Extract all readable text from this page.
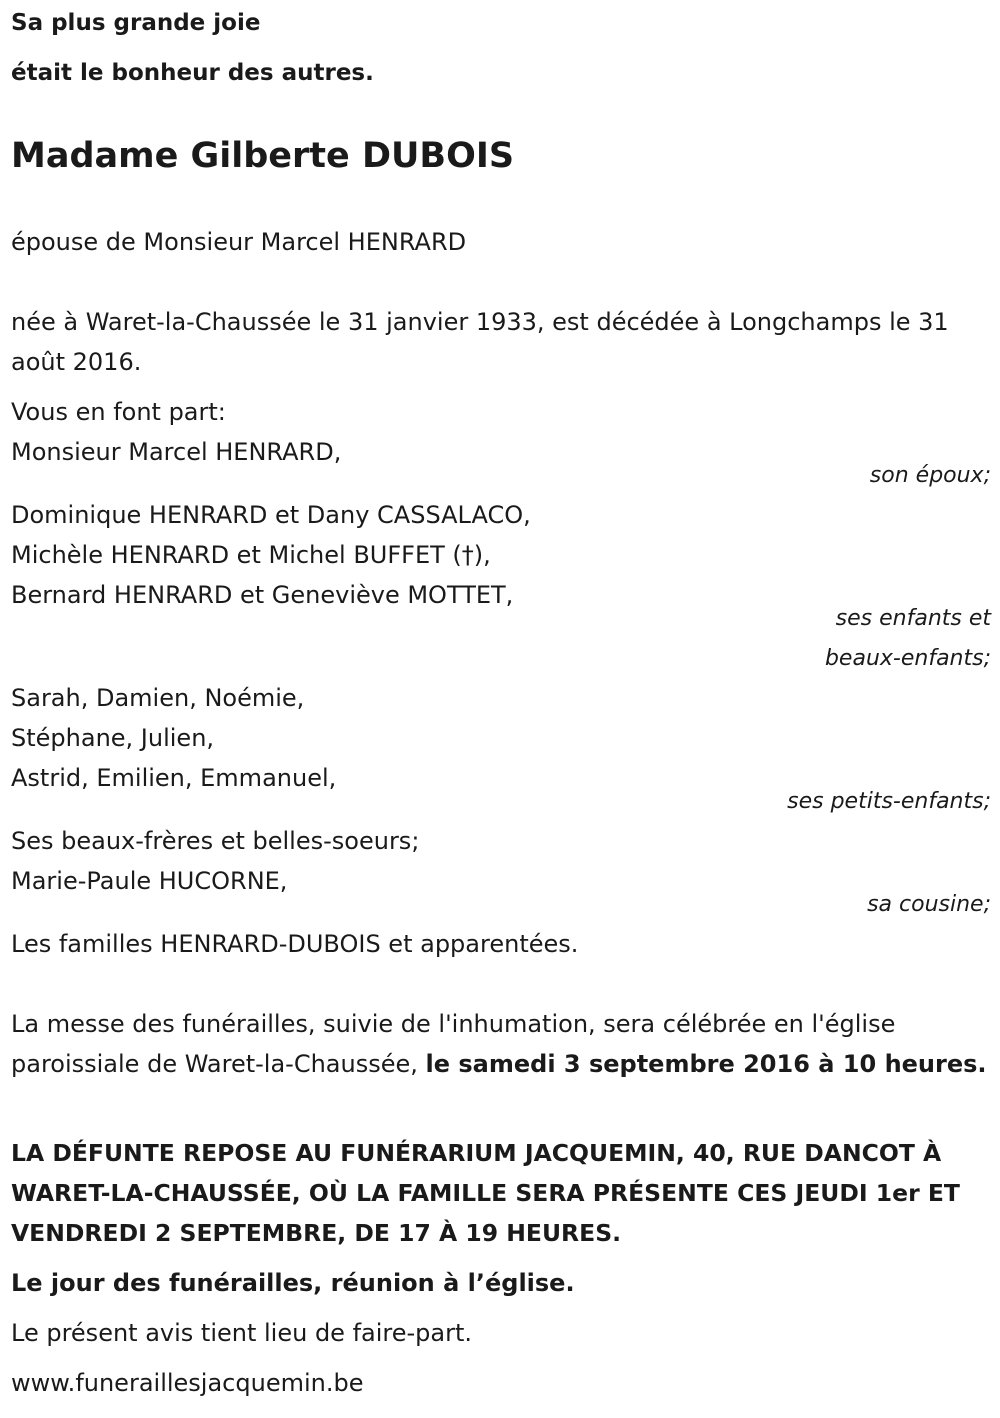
Sa plus grande joie

était le bonheur des autres.

Madame Gilberte DUBOIS

épouse de Monsieur Marcel HENRARD

née à Waret-la-Chaussée le 31 janvier 1933, est décédée à Longchamps le 31 août 2016.

Vous en font part:

Monsieur Marcel HENRARD,

son époux;

Dominique HENRARD et Dany CASSALACO,

Michèle HENRARD et Michel BUFFET (†),

Bernard HENRARD et Geneviève MOTTET,

ses enfants et

beaux-enfants;

Sarah, Damien, Noémie,

Stéphane, Julien,

Astrid, Emilien, Emmanuel,

ses petits-enfants;

Ses beaux-frères et belles-soeurs;

Marie-Paule HUCORNE,

sa cousine;

Les familles HENRARD-DUBOIS et apparentées.

La messe des funérailles, suivie de l'inhumation, sera célébrée en l'église paroissiale de Waret-la-Chaussée, le samedi 3 septembre 2016 à 10 heures.

LA DÉFUNTE REPOSE AU FUNÉRARIUM JACQUEMIN, 40, RUE DANCOT À WARET-LA-CHAUSSÉE, OÙ LA FAMILLE SERA PRÉSENTE CES JEUDI 1er ET VENDREDI 2 SEPTEMBRE, DE 17 À 19 HEURES.

Le jour des funérailles, réunion à l’église.

Le présent avis tient lieu de faire-part.

www.funeraillesjacquemin.be
